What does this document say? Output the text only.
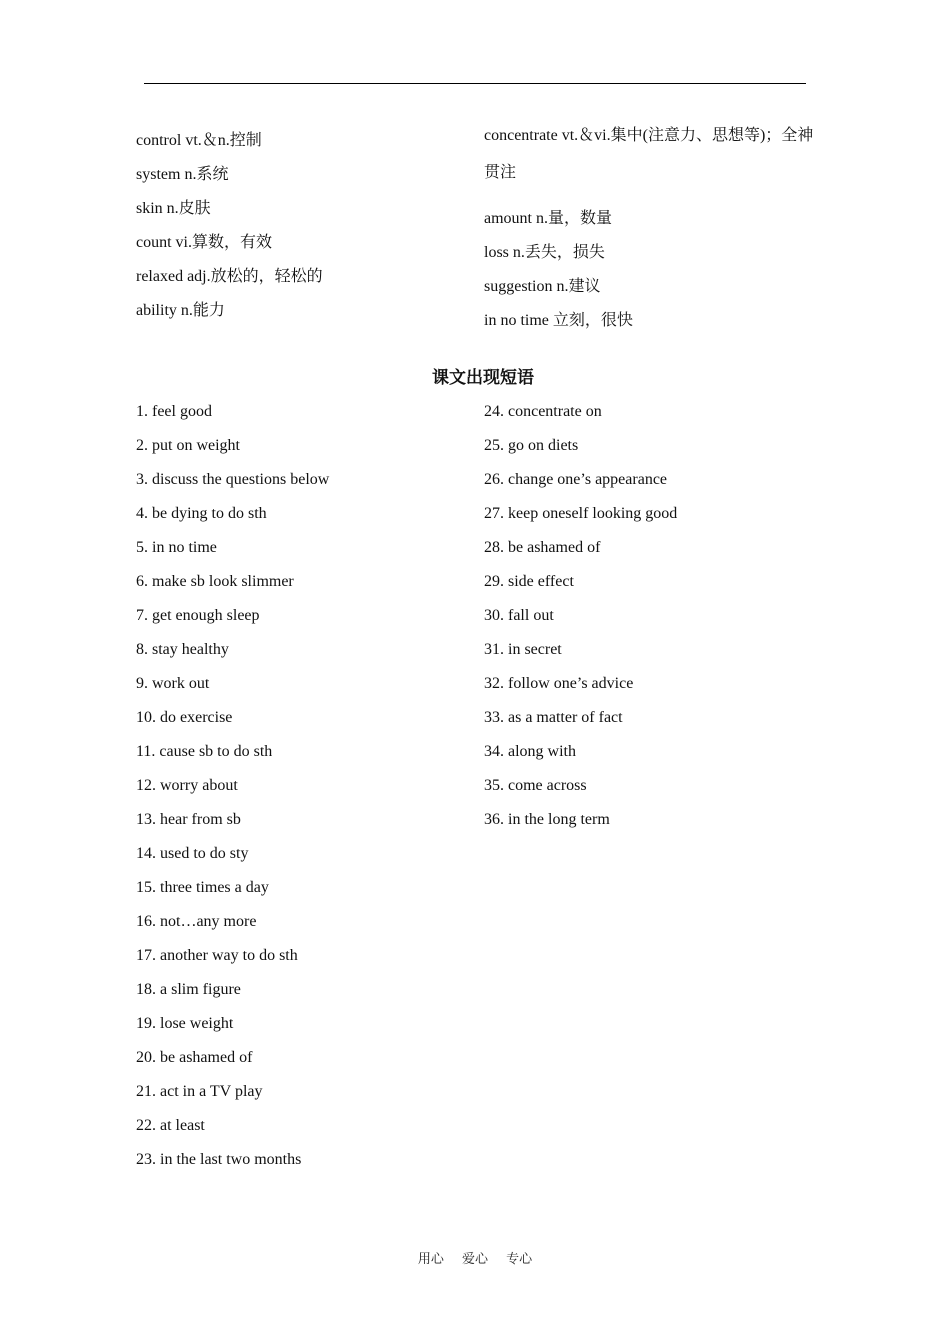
control vt.＆n.控制
system n.系统
skin n.皮肤
count vi.算数，有效
relaxed adj.放松的，轻松的
ability n.能力
concentrate vt.＆vi.集中(注意力、思想等)；全神
贯注
amount n.量，数量
loss n.丢失，损失
suggestion n.建议
in no time 立刻，很快
课文出现短语
1. feel good
2. put on weight
3. discuss the questions below
4. be dying to do sth
5. in no time
6. make sb look slimmer
7. get enough sleep
8. stay healthy
9. work out
10. do exercise
11. cause sb to do sth
12. worry about
13. hear from sb
14. used to do sty
15. three times a day
16. not…any more
17. another way to do sth
18. a slim figure
19. lose weight
20. be ashamed of
21. act in a TV play
22. at least
23. in the last two months
24. concentrate on
25. go on diets
26. change one’s appearance
27. keep oneself looking good
28. be ashamed of
29. side effect
30. fall out
31. in secret
32. follow one’s advice
33. as a matter of fact
34. along with
35. come across
36. in the long term
用心 爱心 专心
